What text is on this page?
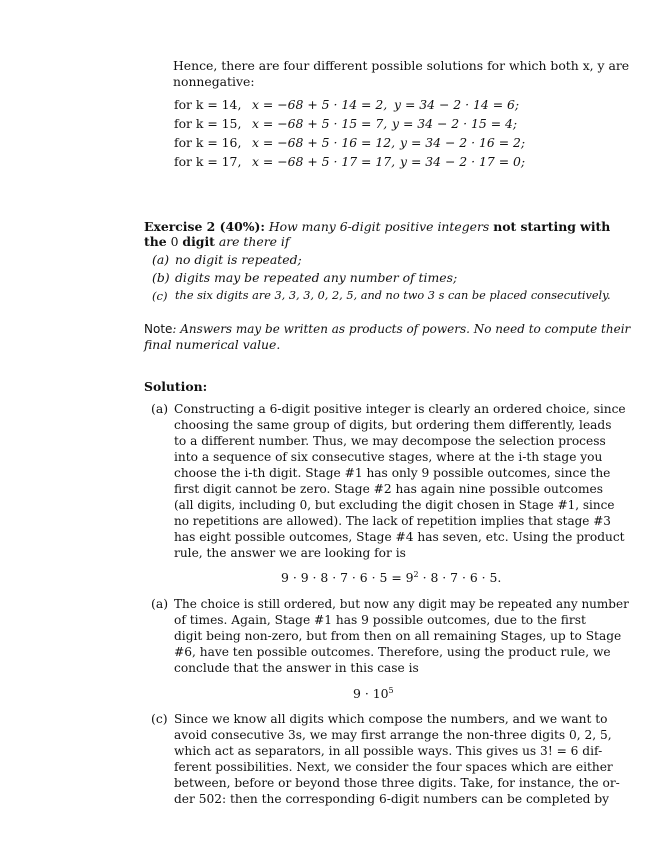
Hence, there are four different possible solutions for which both x, y are
nonnegative:
for k = 14, x = −68 + 5 · 14 = 2, y = 34 − 2 · 14 = 6;
for k = 15, x = −68 + 5 · 15 = 7, y = 34 − 2 · 15 = 4;
for k = 16, x = −68 + 5 · 16 = 12, y = 34 − 2 · 16 = 2;
for k = 17, x = −68 + 5 · 17 = 17, y = 34 − 2 · 17 = 0;
Exercise 2 (40%): How many 6-digit positive integers not starting with
the 0 digit are there if
(a) no digit is repeated;
(b) digits may be repeated any number of times;
(c) the six digits are 3, 3, 3, 0, 2, 5, and no two 3 s can be placed consecutively.
Note: Answers may be written as products of powers. No need to compute their
final numerical value.
Solution:
(a) Constructing a 6-digit positive integer is clearly an ordered choice, since
choosing the same group of digits, but ordering them differently, leads
to a different number. Thus, we may decompose the selection process
into a sequence of six consecutive stages, where at the i-th stage you
choose the i-th digit. Stage #1 has only 9 possible outcomes, since the
first digit cannot be zero. Stage #2 has again nine possible outcomes
(all digits, including 0, but excluding the digit chosen in Stage #1, since
no repetitions are allowed). The lack of repetition implies that stage #3
has eight possible outcomes, Stage #4 has seven, etc. Using the product
rule, the answer we are looking for is
$9 \cdot 9 \cdot 8 \cdot 7 \cdot 6 \cdot 5 = 9^2 \cdot 8 \cdot 7 \cdot 6 \cdot 5$.
(a) The choice is still ordered, but now any digit may be repeated any number
of times. Again, Stage #1 has 9 possible outcomes, due to the first
digit being non-zero, but from then on all remaining Stages, up to Stage
#6, have ten possible outcomes. Therefore, using the product rule, we
conclude that the answer in this case is
$9 \cdot 10^5$
(c) Since we know all digits which compose the numbers, and we want to
avoid consecutive 3s, we may first arrange the non-three digits 0, 2, 5,
which act as separators, in all possible ways. This gives us 3! = 6 dif-
ferent possibilities. Next, we consider the four spaces which are either
between, before or beyond those three digits. Take, for instance, the or-
der 502: then the corresponding 6-digit numbers can be completed by
